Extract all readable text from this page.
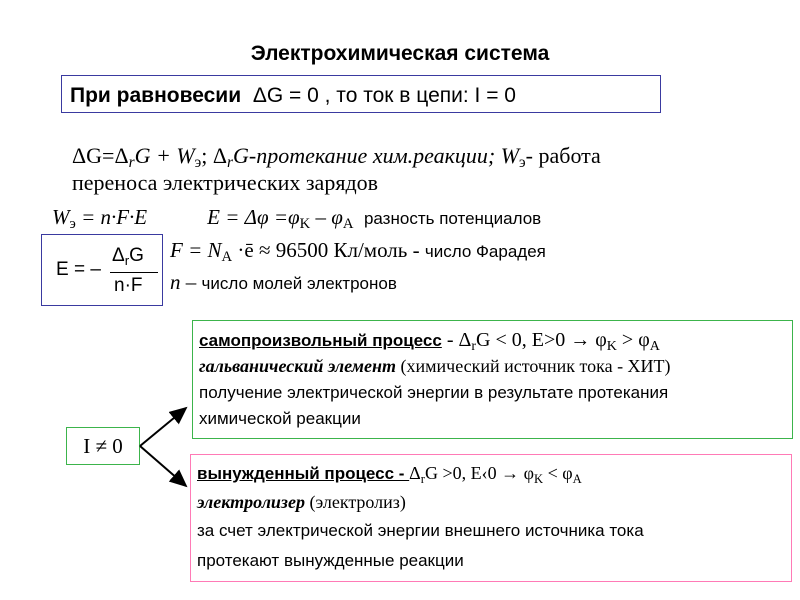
Электрохимическая система
При равновесии ΔG = 0 , то ток в цепи: I = 0
$\Delta G=\Delta_rG + W_э$; $\Delta_rG$-протекание хим.реакции; $W_э-$ работа
переноса электрических зарядов
$W_э = n\cdot F\cdot E$	$E = \Delta\varphi =\varphi_K - \varphi_A$ разность потенциалов
E = –
$\Delta_rG$
n·F
$F = N_A$ ·ē ≈ 96500 Кл/моль - число Фарадея
n – число молей электронов
I ≠ 0
самопроизвольный процесс - $\Delta_rG < 0$, $E>0 \to \varphi_K > \varphi_A$
гальванический элемент (химический источник тока - ХИТ)
получение электрической энергии в результате протекания
химической реакции
вынужденный процесс - $\Delta_rG >0$, E‹0 → $\varphi_K < \varphi_A$
электролизер (электролиз)
за счет электрической энергии внешнего источника тока
протекают вынужденные реакции
